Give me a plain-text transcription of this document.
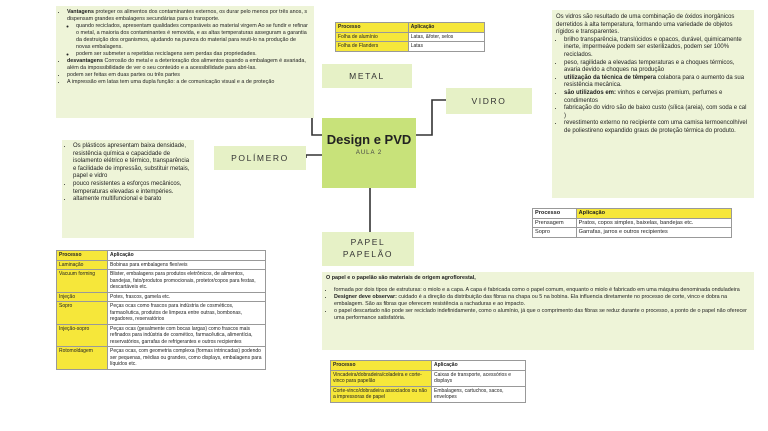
Design e PVD
AULA 2
METAL
VIDRO
POLÍMERO
PAPEL
PAPELÃO
• Vantagens proteger os alimentos dos contaminantes externos, os durar pelo menos por três anos, s dispensam grandes embalagens secundárias para o transporte.
◦ quando reciclados, apresentam qualidades comparáveis ao material virgem Ao se fundir e refinar o metal, a maioria dos contaminantes é removida, e as altas temperaturas asseguram a garantia da destruição dos organismos, ajudando na pureza do material para reuti-lo na produção de novas embalagens.
◦ podem ser submeter a repetidas reciclagens sem perdas das propriedades.
• desvantagens Corrosão do metal e a deterioração dos alimentos quando a embalagem é avariada, além da impossibilidade de ver o seu conteúdo e a acessibilidade para abri-las.
• podem ser feitas em duas partes ou três partes
• A impressão em latas tem uma dupla função: a de comunicação visual e a de proteção
Processo	Aplicação
Folha de alumínio	Latas, &foter, selos
Folha de Flanders	Latas
Os vidros são resultado de uma combinação de óxidos inorgânicos derretidos à alta temperatura, formando uma variedade de objetos rígidos e transparentes.
• brilho transparência, translúcidos e opacos, durável, quimicamente inerte, impermeáve podem ser esterilizados, podem ser 100% reciclados.
• peso, ragilidade a elevadas temperaturas e a choques térmicos, avaria devido a choques na produção
• utilização da técnica de têmpera colabora para o aumento da sua resistência mecânica.
• são utilizados em: vinhos e cervejas premium, perfumes e condimentos
• fabricação do vidro são de baixo custo (sílica (areia), com soda e cal )
• revestimento externo no recipiente com uma camisa termoencolhível de poliestireno expandido graus de proteção térmica do produto.
Processo	Aplicação
Prensagem	Pratos, copos simples, baixelas, bandejas etc.
Sopro	Garrafas, jarros e outros recipientes
• Os plásticos apresentam baixa densidade, resistência química e capacidade de isolamento elétrico e térmico, transparência e facilidade de impressão, substituir metais, papel e vidro
• pouco resistentes a esforços mecânicos, temperaturas elevadas e intempéries.
• altamente multifuncional e barato
Processo	Aplicação
Laminação	Bobinas para embalagens flexíveis
Vacuum forming	Blister, embalagens para produtos eletrônicos, de alimentos, bandejas, fato/produtos promocionais, protetor/copos para festas, descartáveis etc.
Injeção	Potes, frascos, gamela etc.
Sopro	Peças ocas como frascos para indústria de cosméticos, farmacêutica, produtos de limpeza entre outras, bombonas, regadores, reservatórios
Injeção-sopro	Peças ocas (gesalmente com bocas largas) como frascos mais refinados para indústria de cosmético, farmacêutica, alimentícia, reservatórios, garrafas de refrigerantes e outros recipientes
Rotomoldagem	Peças ocas, com geometria complexa (formas intrincadas) podendo ser pequenas, médias ou grandes, como displays, embalagens para líquidos etc.
O papel e o papelão são materiais de origem agroflorestal,
• formada por dois tipos de estruturas: o miolo e a capa. A capa é fabricada como o papel comum, enquanto o miolo é fabricado em uma máquina denominada onduladeira
• Designer deve observar: cuidado é a direção da distribuição das fibras na chapa ou 5 na bobina. Ela influencia diretamente no processo de corte, vinco e dobra na embalagem. São as fibras que oferecem resistência a rachaduras e ao impacto.
• o papel descartado não pode ser reciclado indefinidamente, como o alumínio, já que o comprimento das fibras se reduz durante o processo, a ponto de o papel não oferecer uma performance satisfatória.
Processo	Aplicação
Vincadeira/dobradeira/coladeira e corte-vinco para papelão	Caixas de transporte, acessórios e displays
Corte-vinco/dobradeira associados ou não a impressoras de papel	Embalagens, cartuchos, sacos, envelopes
